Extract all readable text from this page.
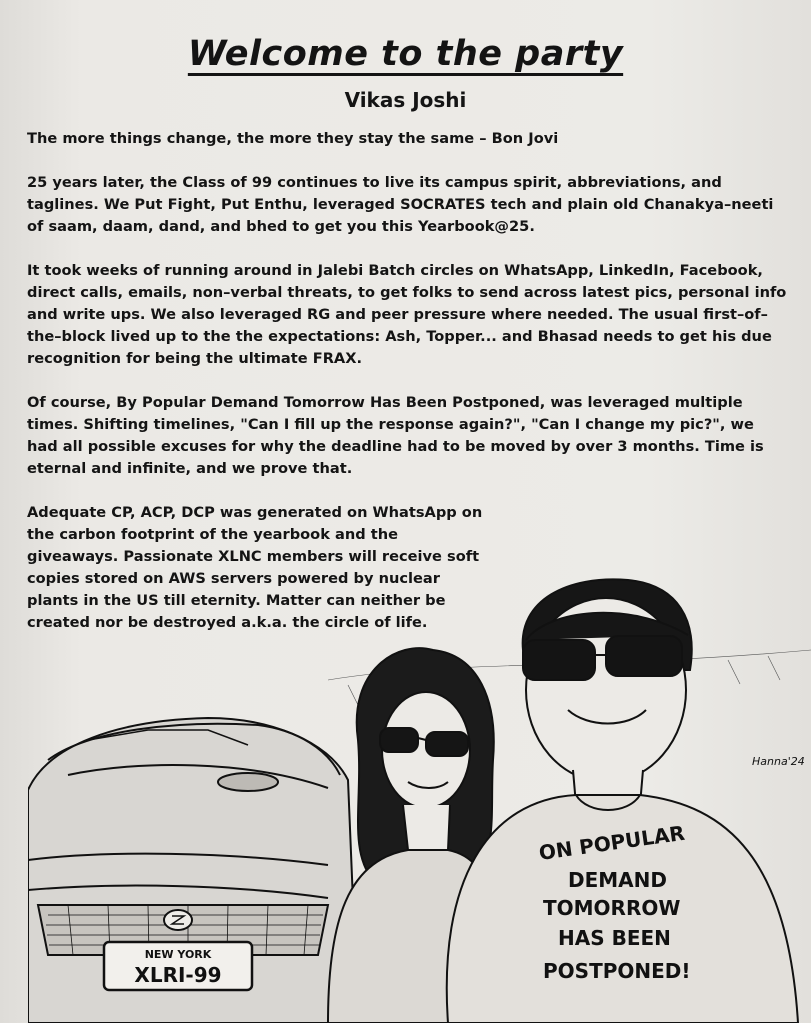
Welcome to the party
Vikas Joshi

The more things change, the more they stay the same – Bon Jovi

25 years later, the Class of 99 continues to live its campus spirit, abbreviations, and taglines. We Put Fight, Put Enthu, leveraged SOCRATES tech and plain old Chanakya–neeti of saam, daam, dand, and bhed to get you this Yearbook@25.

It took weeks of running around in Jalebi Batch circles on WhatsApp, LinkedIn, Facebook, direct calls, emails, non–verbal threats, to get folks to send across latest pics, personal info and write ups. We also leveraged RG and peer pressure where needed. The usual first–of–the–block lived up to the the expectations: Ash, Topper... and Bhasad needs to get his due recognition for being the ultimate FRAX.

Of course, By Popular Demand Tomorrow Has Been Postponed, was leveraged multiple times. Shifting timelines, "Can I fill up the response again?", "Can I change my pic?", we had all possible excuses for why the deadline had to be moved by over 3 months. Time is eternal and infinite, and we prove that.

Adequate CP, ACP, DCP was generated on WhatsApp on the carbon footprint of the yearbook and the giveaways. Passionate XLNC members will receive soft copies stored on AWS servers powered by nuclear plants in the US till eternity. Matter can neither be created nor be destroyed a.k.a. the circle of life.

NEW YORK
XLRI-99
Hanna'24
ON POPULAR
DEMAND
TOMORROW
HAS BEEN
POSTPONED!
